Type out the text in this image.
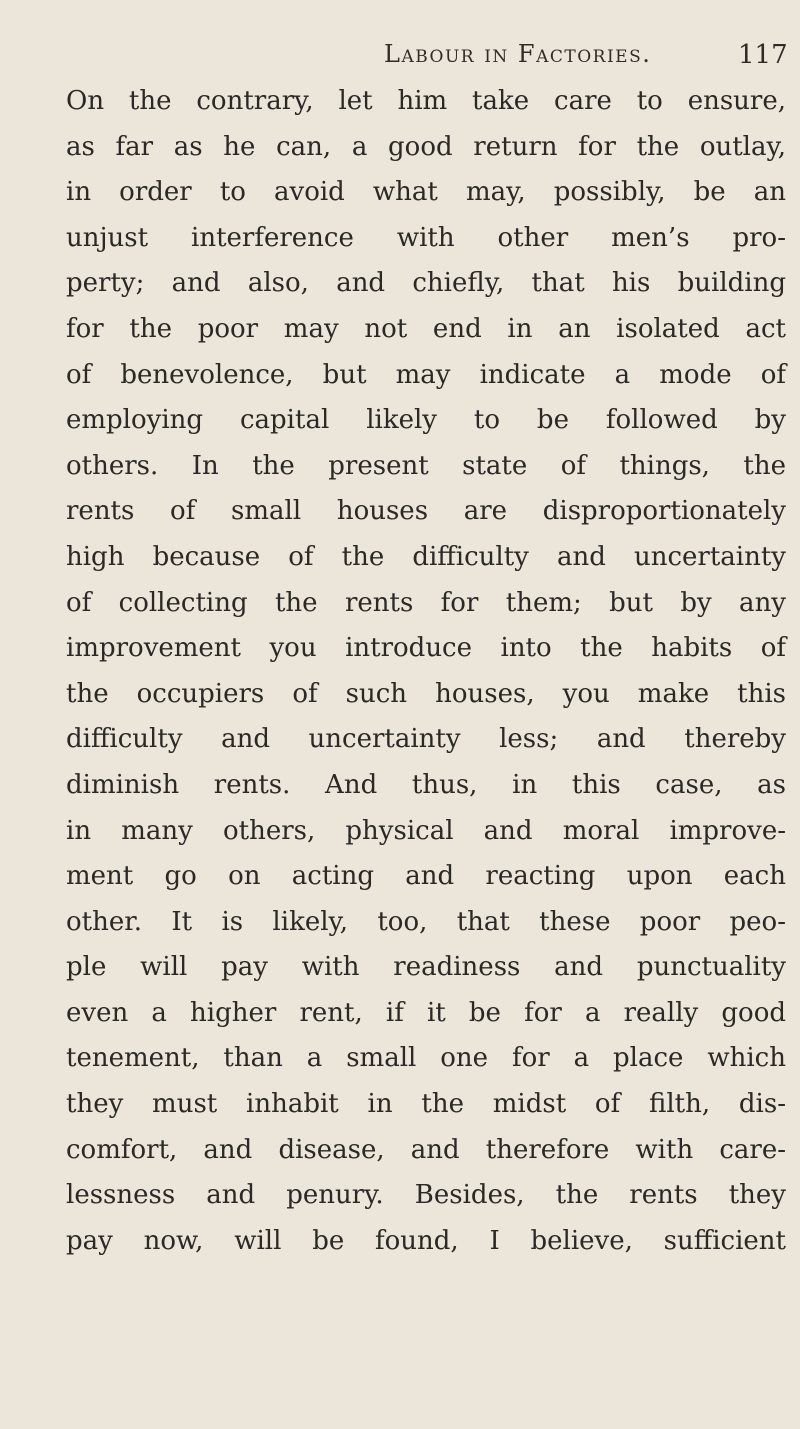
Labour in Factories.	117
On the contrary, let him take care to ensure,
as far as he can, a good return for the outlay,
in order to avoid what may, possibly, be an
unjust interference with other men’s pro-
perty; and also, and chiefly, that his building
for the poor may not end in an isolated act
of benevolence, but may indicate a mode of
employing capital likely to be followed by
others. In the present state of things, the
rents of small houses are disproportionately
high because of the difficulty and uncertainty
of collecting the rents for them; but by any
improvement you introduce into the habits of
the occupiers of such houses, you make this
difficulty and uncertainty less; and thereby
diminish rents. And thus, in this case, as
in many others, physical and moral improve-
ment go on acting and reacting upon each
other. It is likely, too, that these poor peo-
ple will pay with readiness and punctuality
even a higher rent, if it be for a really good
tenement, than a small one for a place which
they must inhabit in the midst of filth, dis-
comfort, and disease, and therefore with care-
lessness and penury. Besides, the rents they
pay now, will be found, I believe, sufficient
